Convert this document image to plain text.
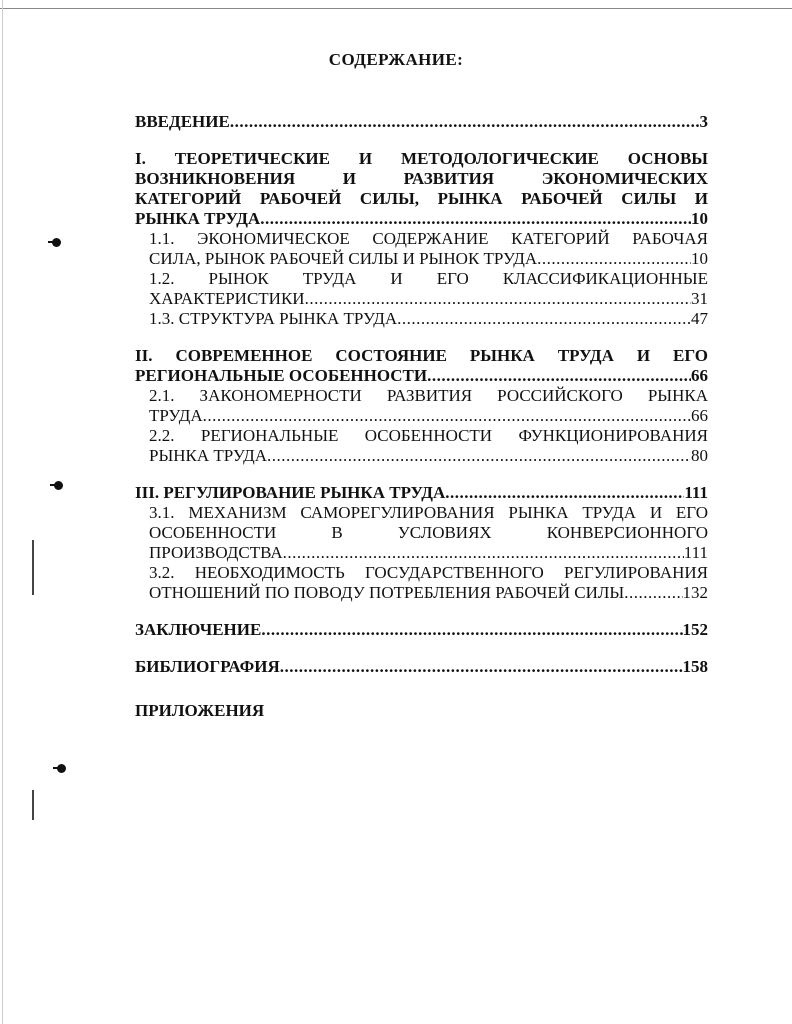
СОДЕРЖАНИЕ:
ВВЕДЕНИЕ .....	3
I. ТЕОРЕТИЧЕСКИЕ И МЕТОДОЛОГИЧЕСКИЕ ОСНОВЫ
ВОЗНИКНОВЕНИЯ И РАЗВИТИЯ ЭКОНОМИЧЕСКИХ
КАТЕГОРИЙ РАБОЧЕЙ СИЛЫ, РЫНКА РАБОЧЕЙ СИЛЫ И
РЫНКА ТРУДА .....	10
1.1. ЭКОНОМИЧЕСКОЕ СОДЕРЖАНИЕ КАТЕГОРИЙ РАБОЧАЯ
СИЛА, РЫНОК РАБОЧЕЙ СИЛЫ И РЫНОК ТРУДА .....	10
1.2. РЫНОК ТРУДА И ЕГО КЛАССИФИКАЦИОННЫЕ
ХАРАКТЕРИСТИКИ .....	31
1.3. СТРУКТУРА РЫНКА ТРУДА .....	47
II. СОВРЕМЕННОЕ СОСТОЯНИЕ РЫНКА ТРУДА И ЕГО
РЕГИОНАЛЬНЫЕ ОСОБЕННОСТИ .....	66
2.1. ЗАКОНОМЕРНОСТИ РАЗВИТИЯ РОССИЙСКОГО РЫНКА
ТРУДА .....	66
2.2. РЕГИОНАЛЬНЫЕ ОСОБЕННОСТИ ФУНКЦИОНИРОВАНИЯ
РЫНКА ТРУДА .....	80
III. РЕГУЛИРОВАНИЕ РЫНКА ТРУДА .....	111
3.1. МЕХАНИЗМ САМОРЕГУЛИРОВАНИЯ РЫНКА ТРУДА И ЕГО
ОСОБЕННОСТИ В УСЛОВИЯХ КОНВЕРСИОННОГО
ПРОИЗВОДСТВА .....	111
3.2. НЕОБХОДИМОСТЬ ГОСУДАРСТВЕННОГО РЕГУЛИРОВАНИЯ
ОТНОШЕНИЙ ПО ПОВОДУ ПОТРЕБЛЕНИЯ РАБОЧЕЙ СИЛЫ .....	132
ЗАКЛЮЧЕНИЕ .....	152
БИБЛИОГРАФИЯ .....	158
ПРИЛОЖЕНИЯ
